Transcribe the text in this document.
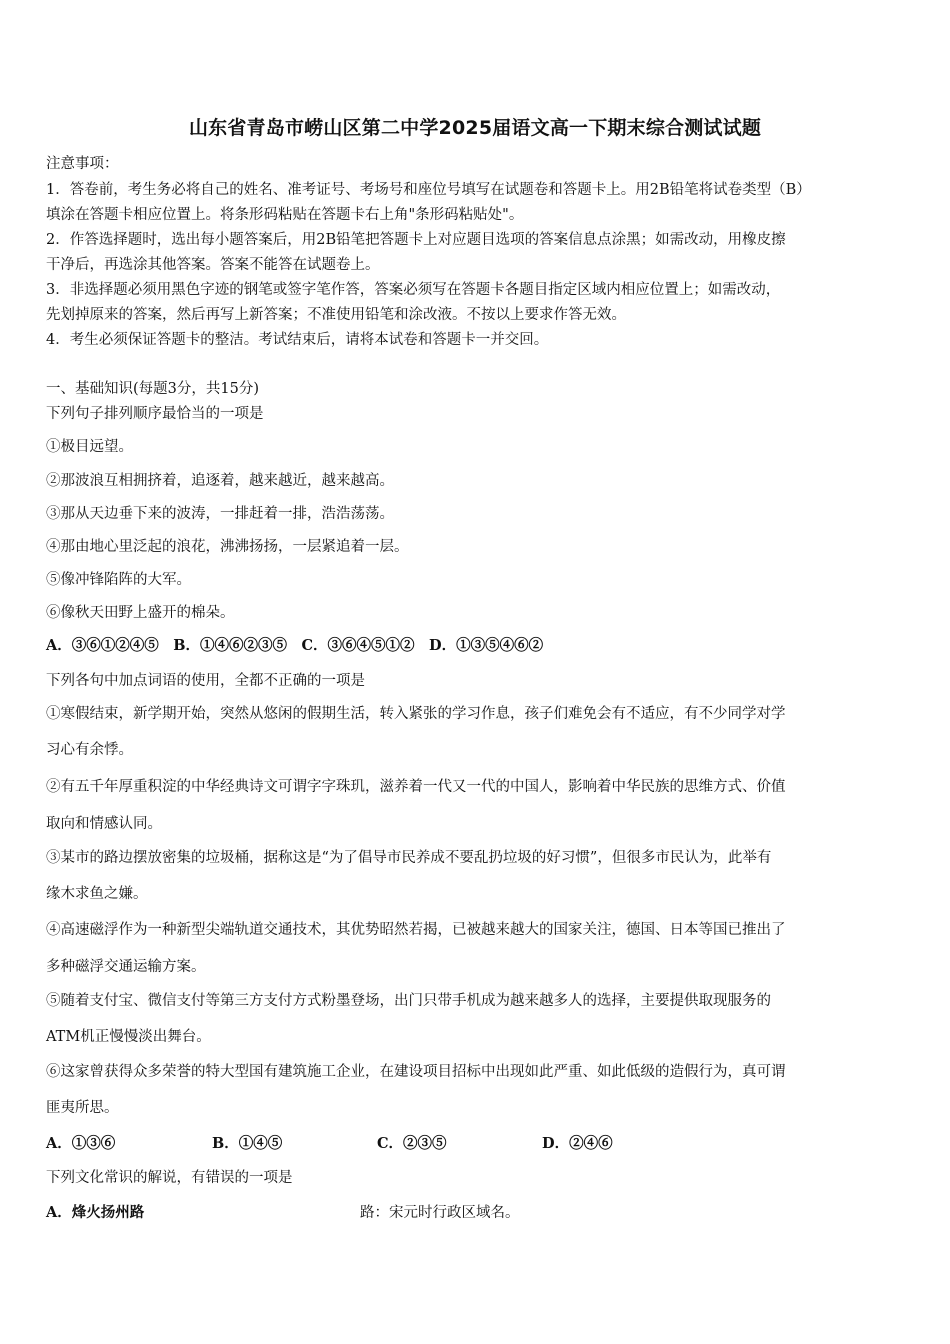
山东省青岛市崂山区第二中学2025届语文高一下期末综合测试试题
注意事项：
1．答卷前，考生务必将自己的姓名、准考证号、考场号和座位号填写在试题卷和答题卡上。用2B铅笔将试卷类型（B）
填涂在答题卡相应位置上。将条形码粘贴在答题卡右上角"条形码粘贴处"。
2．作答选择题时，选出每小题答案后，用2B铅笔把答题卡上对应题目选项的答案信息点涂黑；如需改动，用橡皮擦
干净后，再选涂其他答案。答案不能答在试题卷上。
3．非选择题必须用黑色字迹的钢笔或签字笔作答，答案必须写在答题卡各题目指定区域内相应位置上；如需改动，
先划掉原来的答案，然后再写上新答案；不准使用铅笔和涂改液。不按以上要求作答无效。
4．考生必须保证答题卡的整洁。考试结束后，请将本试卷和答题卡一并交回。
一、基础知识(每题3分，共15分)
下列句子排列顺序最恰当的一项是
①极目远望。
②那波浪互相拥挤着，追逐着，越来越近，越来越高。
③那从天边垂下来的波涛，一排赶着一排，浩浩荡荡。
④那由地心里泛起的浪花，沸沸扬扬，一层紧追着一层。
⑤像冲锋陷阵的大军。
⑥像秋天田野上盛开的棉朵。
A．③⑥①②④⑤　B．①④⑥②③⑤　C．③⑥④⑤①②　D．①③⑤④⑥②
下列各句中加点词语的使用，全都不正确的一项是
①寒假结束，新学期开始，突然从悠闲的假期生活，转入紧张的学习作息，孩子们难免会有不适应，有不少同学对学
习心有余悸。
②有五千年厚重积淀的中华经典诗文可谓字字珠玑，滋养着一代又一代的中国人，影响着中华民族的思维方式、价值
取向和情感认同。
③某市的路边摆放密集的垃圾桶，据称这是“为了倡导市民养成不要乱扔垃圾的好习惯”，但很多市民认为，此举有
缘木求鱼之嫌。
④高速磁浮作为一种新型尖端轨道交通技术，其优势昭然若揭，已被越来越大的国家关注，德国、日本等国已推出了
多种磁浮交通运输方案。
⑤随着支付宝、微信支付等第三方支付方式粉墨登场，出门只带手机成为越来越多人的选择，主要提供取现服务的
ATM机正慢慢淡出舞台。
⑥这家曾获得众多荣誉的特大型国有建筑施工企业，在建设项目招标中出现如此严重、如此低级的造假行为，真可谓
匪夷所思。
A．①③⑥	B．①④⑤	C．②③⑤	D．②④⑥
下列文化常识的解说，有错误的一项是
A．烽火扬州路	路：宋元时行政区域名。
